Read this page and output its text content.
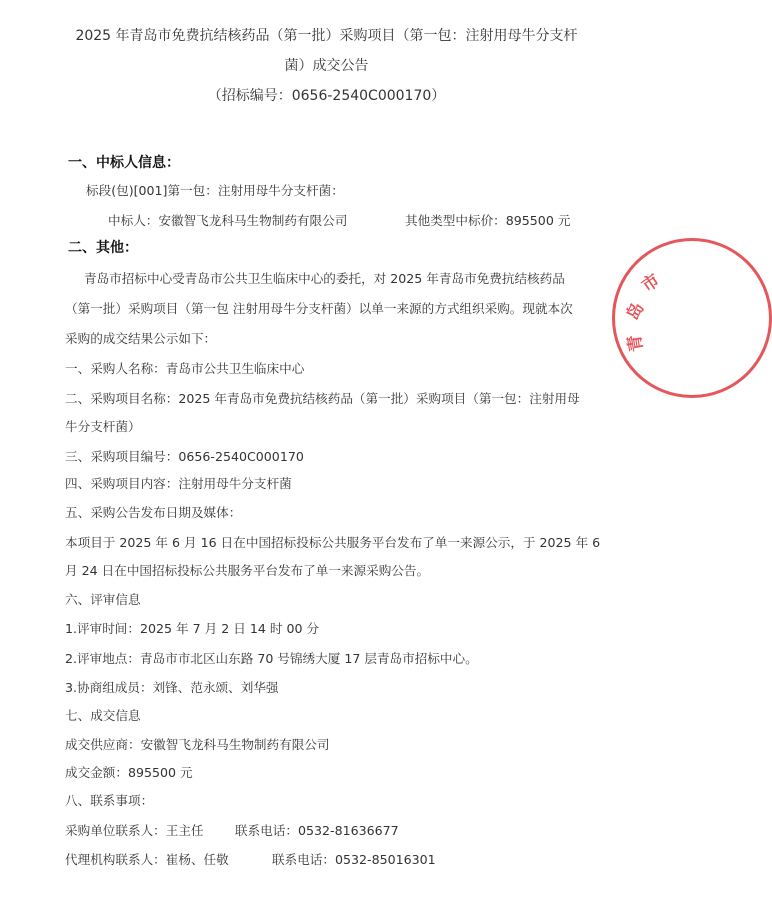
2025 年青岛市免费抗结核药品（第一批）采购项目（第一包：注射用母牛分支杆
菌）成交公告
（招标编号：0656-2540C000170）
一、中标人信息：
标段(包)[001]第一包：注射用母牛分支杆菌：
中标人：安徽智飞龙科马生物制药有限公司	其他类型中标价：895500 元
二、其他：
青岛市招标中心受青岛市公共卫生临床中心的委托，对 2025 年青岛市免费抗结核药品
（第一批）采购项目（第一包 注射用母牛分支杆菌）以单一来源的方式组织采购。现就本次
采购的成交结果公示如下：
一、采购人名称：青岛市公共卫生临床中心
二、采购项目名称：2025 年青岛市免费抗结核药品（第一批）采购项目（第一包：注射用母
牛分支杆菌）
三、采购项目编号：0656-2540C000170
四、采购项目内容：注射用母牛分支杆菌
五、采购公告发布日期及媒体：
本项目于 2025 年 6 月 16 日在中国招标投标公共服务平台发布了单一来源公示，于 2025 年 6
月 24 日在中国招标投标公共服务平台发布了单一来源采购公告。
六、评审信息
1.评审时间：2025 年 7 月 2 日 14 时 00 分
2.评审地点：青岛市市北区山东路 70 号锦绣大厦 17 层青岛市招标中心。
3.协商组成员：刘锋、范永颂、刘华强
七、成交信息
成交供应商：安徽智飞龙科马生物制药有限公司
成交金额：895500 元
八、联系事项：
采购单位联系人：王主任 联系电话：0532-81636677
代理机构联系人：崔杨、任敬	联系电话：0532-85016301
市
岛
青
